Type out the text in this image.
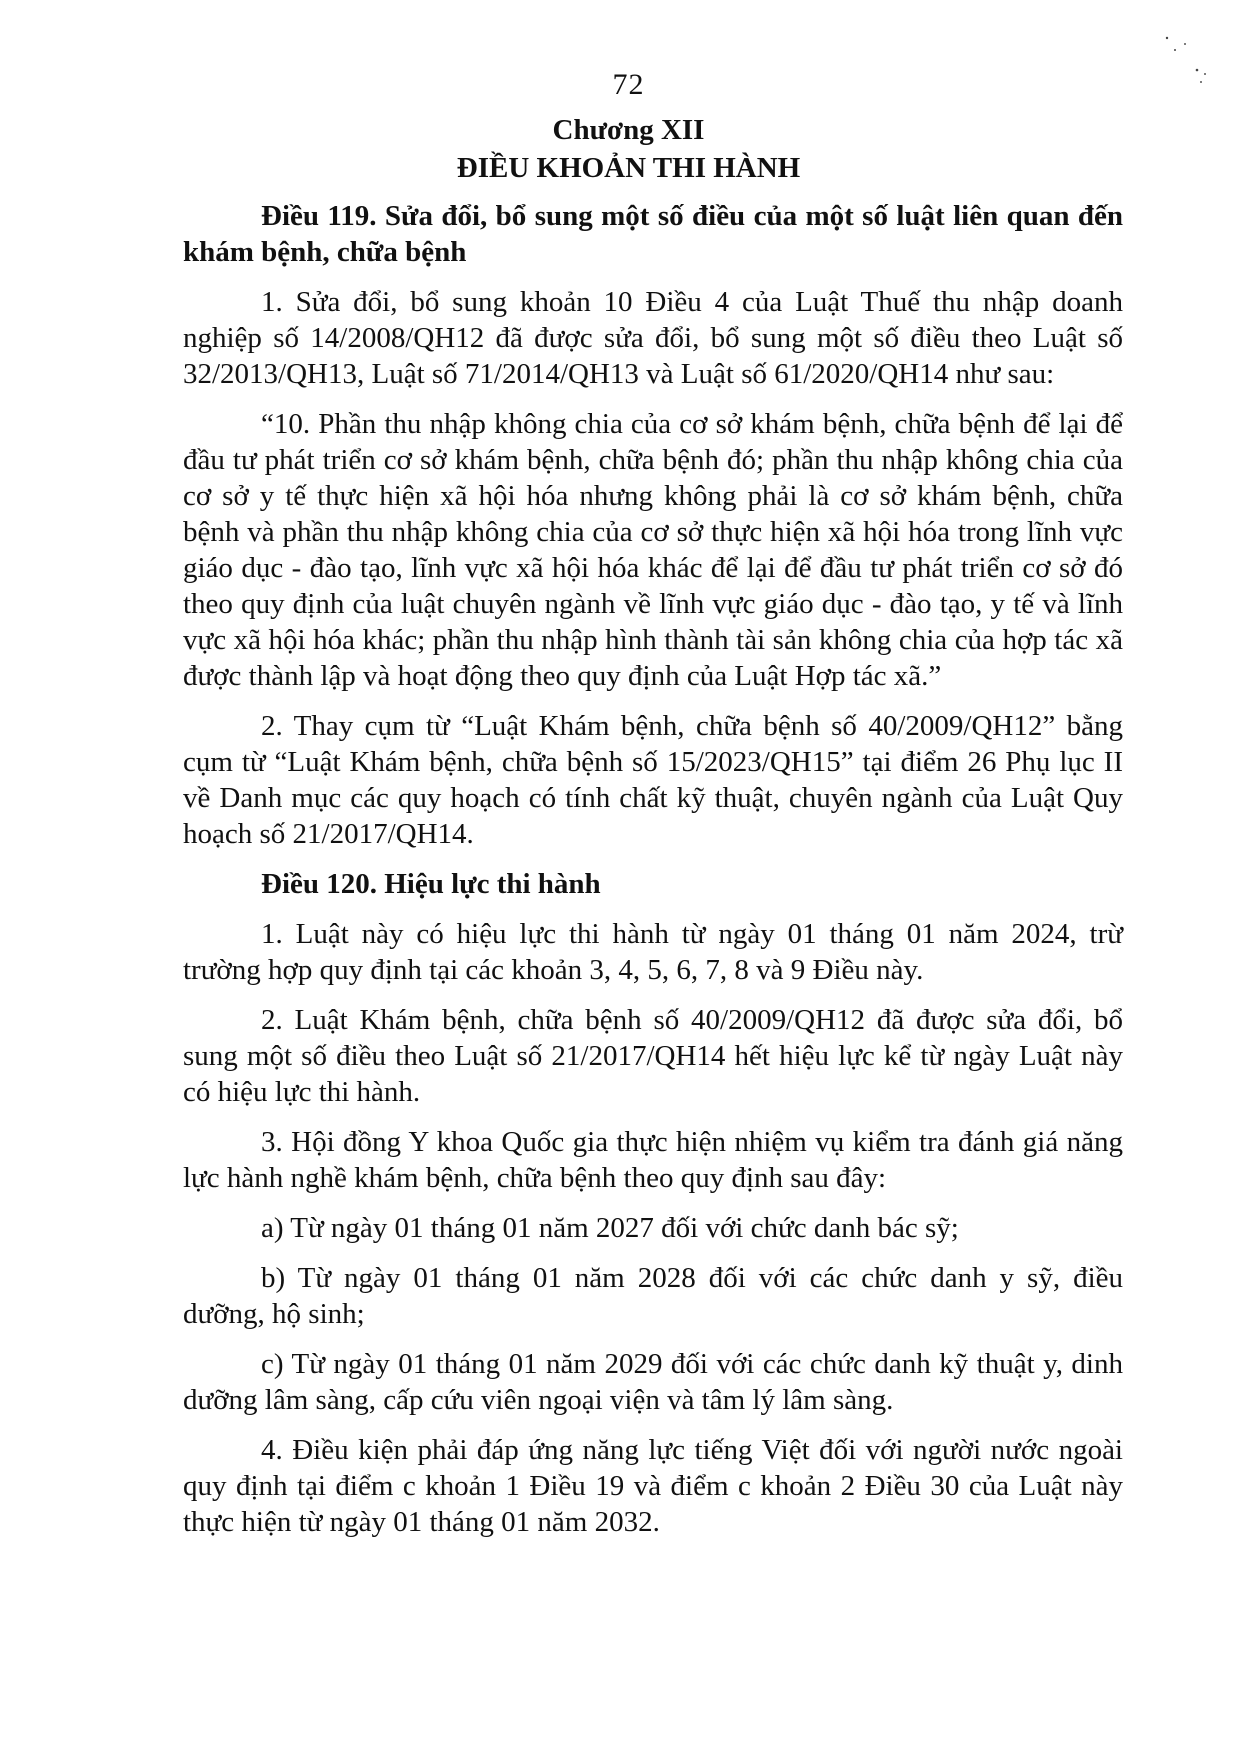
72
Chương XII
ĐIỀU KHOẢN THI HÀNH

Điều 119. Sửa đổi, bổ sung một số điều của một số luật liên quan đến khám bệnh, chữa bệnh

1. Sửa đổi, bổ sung khoản 10 Điều 4 của Luật Thuế thu nhập doanh nghiệp số 14/2008/QH12 đã được sửa đổi, bổ sung một số điều theo Luật số 32/2013/QH13, Luật số 71/2014/QH13 và Luật số 61/2020/QH14 như sau:

“10. Phần thu nhập không chia của cơ sở khám bệnh, chữa bệnh để lại để đầu tư phát triển cơ sở khám bệnh, chữa bệnh đó; phần thu nhập không chia của cơ sở y tế thực hiện xã hội hóa nhưng không phải là cơ sở khám bệnh, chữa bệnh và phần thu nhập không chia của cơ sở thực hiện xã hội hóa trong lĩnh vực giáo dục - đào tạo, lĩnh vực xã hội hóa khác để lại để đầu tư phát triển cơ sở đó theo quy định của luật chuyên ngành về lĩnh vực giáo dục - đào tạo, y tế và lĩnh vực xã hội hóa khác; phần thu nhập hình thành tài sản không chia của hợp tác xã được thành lập và hoạt động theo quy định của Luật Hợp tác xã.”

2. Thay cụm từ “Luật Khám bệnh, chữa bệnh số 40/2009/QH12” bằng cụm từ “Luật Khám bệnh, chữa bệnh số 15/2023/QH15” tại điểm 26 Phụ lục II về Danh mục các quy hoạch có tính chất kỹ thuật, chuyên ngành của Luật Quy hoạch số 21/2017/QH14.

Điều 120. Hiệu lực thi hành

1. Luật này có hiệu lực thi hành từ ngày 01 tháng 01 năm 2024, trừ trường hợp quy định tại các khoản 3, 4, 5, 6, 7, 8 và 9 Điều này.

2. Luật Khám bệnh, chữa bệnh số 40/2009/QH12 đã được sửa đổi, bổ sung một số điều theo Luật số 21/2017/QH14 hết hiệu lực kể từ ngày Luật này có hiệu lực thi hành.

3. Hội đồng Y khoa Quốc gia thực hiện nhiệm vụ kiểm tra đánh giá năng lực hành nghề khám bệnh, chữa bệnh theo quy định sau đây:

a) Từ ngày 01 tháng 01 năm 2027 đối với chức danh bác sỹ;

b) Từ ngày 01 tháng 01 năm 2028 đối với các chức danh y sỹ, điều dưỡng, hộ sinh;

c) Từ ngày 01 tháng 01 năm 2029 đối với các chức danh kỹ thuật y, dinh dưỡng lâm sàng, cấp cứu viên ngoại viện và tâm lý lâm sàng.

4. Điều kiện phải đáp ứng năng lực tiếng Việt đối với người nước ngoài quy định tại điểm c khoản 1 Điều 19 và điểm c khoản 2 Điều 30 của Luật này thực hiện từ ngày 01 tháng 01 năm 2032.
